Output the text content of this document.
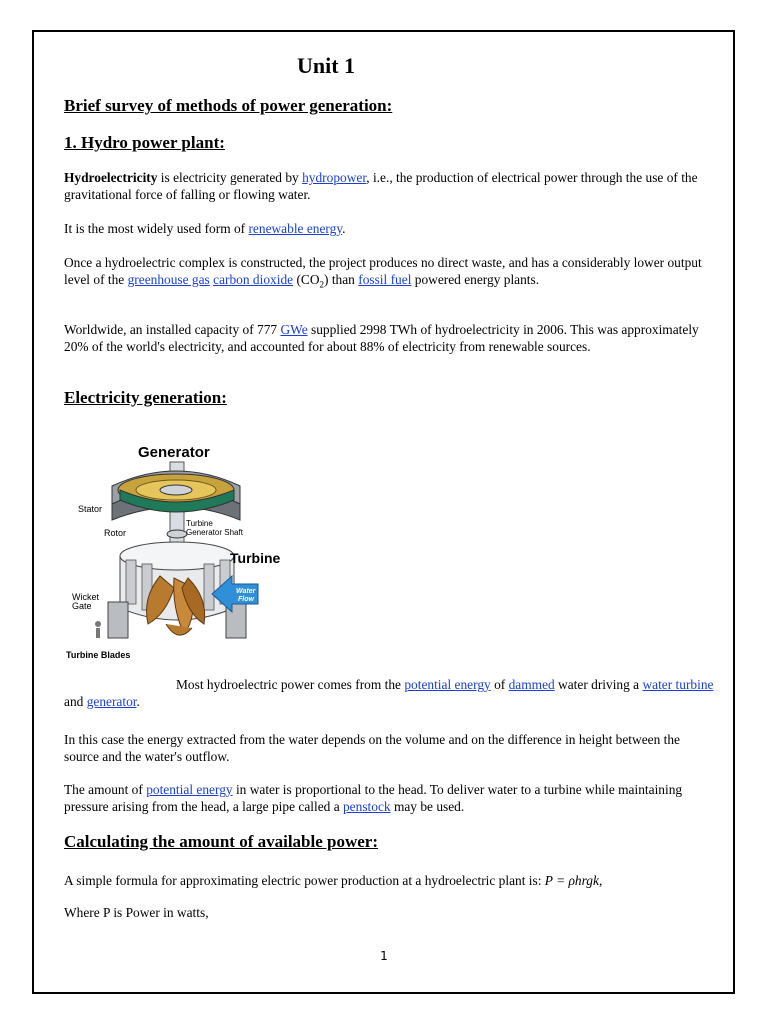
Unit 1
Brief survey of methods of power generation:
1. Hydro power plant:

Hydroelectricity is electricity generated by hydropower, i.e., the production of electrical power through the use of the gravitational force of falling or flowing water.

It is the most widely used form of renewable energy.

Once a hydroelectric complex is constructed, the project produces no direct waste, and has a considerably lower output level of the greenhouse gas carbon dioxide $(CO_2)$ than fossil fuel powered energy plants.

Worldwide, an installed capacity of 777 GWe supplied 2998 TWh of hydroelectricity in 2006. This was approximately 20% of the world's electricity, and accounted for about 88% of electricity from renewable sources.

Electricity generation:
Generator
Stator
Rotor
Turbine Generator Shaft
Turbine
Wicket Gate
Water Flow
Turbine Blades

Most hydroelectric power comes from the potential energy of dammed water driving a water turbine and generator.

In this case the energy extracted from the water depends on the volume and on the difference in height between the source and the water's outflow.

The amount of potential energy in water is proportional to the head. To deliver water to a turbine while maintaining pressure arising from the head, a large pipe called a penstock may be used.

Calculating the amount of available power:

A simple formula for approximating electric power production at a hydroelectric plant is: P = ρhrgk,

Where P is Power in watts,

1
